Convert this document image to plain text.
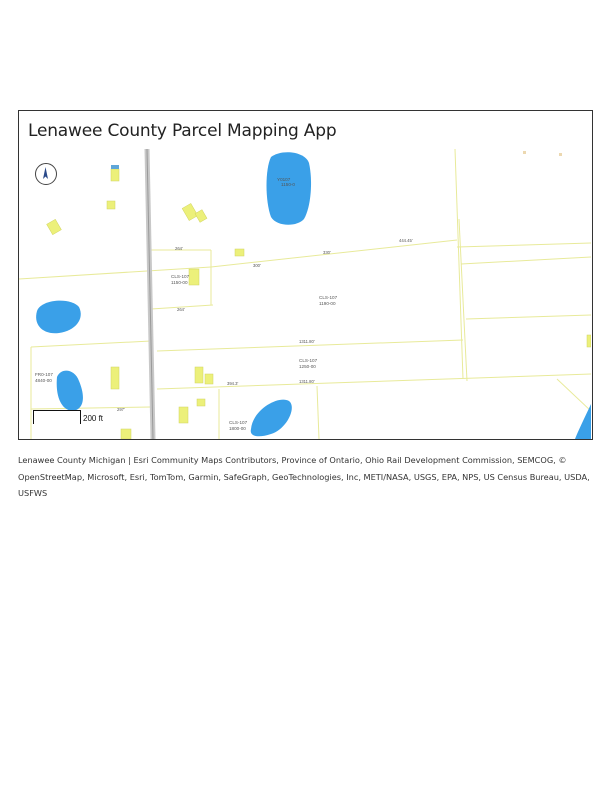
Lenawee County Parcel Mapping App
Y0107
1150-0
CLS-107
1150-00
CLS-107
1190-00
CLS-107
1250-00
FR0-107
4840-00
CLS-107
1800-00
264'
264'
300'
330'
444.45'
1311.80'
1311.80'
394.3'
297'
200 ft
Lenawee County Michigan | Esri Community Maps Contributors, Province of Ontario, Ohio Rail Development Commission, SEMCOG, © OpenStreetMap, Microsoft, Esri, TomTom, Garmin, SafeGraph, GeoTechnologies, Inc, METI/NASA, USGS, EPA, NPS, US Census Bureau, USDA, USFWS
